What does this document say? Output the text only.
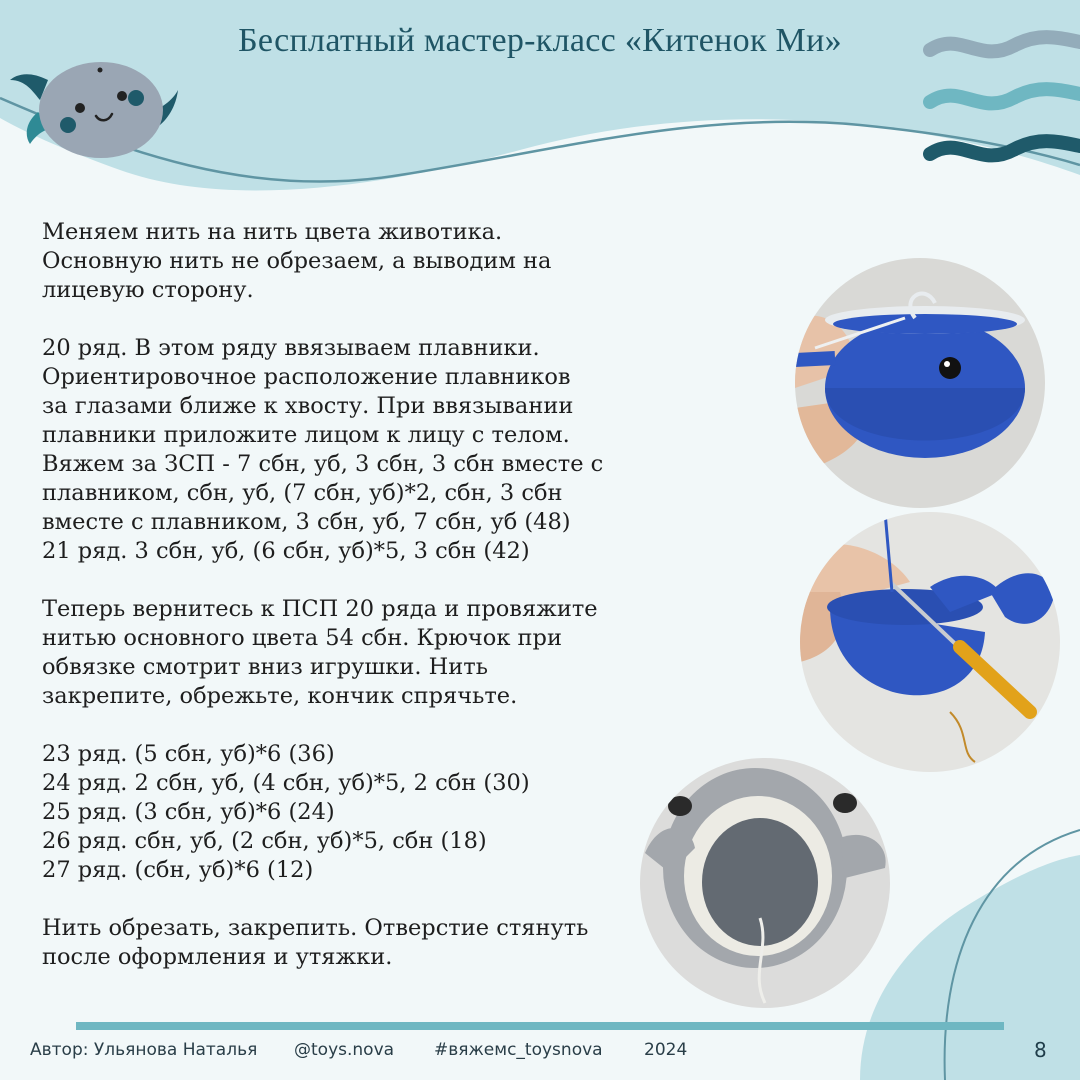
Бесплатный мастер-класс «Китенок Ми»

Меняем нить на нить цвета животика.

Основную нить не обрезаем, а выводим на

лицевую сторону.

20 ряд. В этом ряду ввязываем плавники.

Ориентировочное расположение плавников

за глазами ближе к хвосту. При ввязывании

плавники приложите лицом к лицу с телом.

Вяжем за ЗСП - 7 сбн, уб, 3 сбн, 3 сбн вместе с

плавником, сбн, уб, (7 сбн, уб)*2, сбн, 3 сбн

вместе с плавником, 3 сбн, уб, 7 сбн, уб (48)

21 ряд. 3 сбн, уб, (6 сбн, уб)*5, 3 сбн (42)

Теперь вернитесь к ПСП 20 ряда и провяжите

нитью основного цвета 54 сбн. Крючок при

обвязке смотрит вниз игрушки. Нить

закрепите, обрежьте, кончик спрячьте.

23 ряд. (5 сбн, уб)*6 (36)

24 ряд. 2 сбн, уб, (4 сбн, уб)*5, 2 сбн (30)

25 ряд. (3 сбн, уб)*6 (24)

26 ряд. сбн, уб, (2 сбн, уб)*5, сбн (18)

27 ряд. (сбн, уб)*6 (12)

Нить обрезать, закрепить. Отверстие стянуть

после оформления и утяжки.

Автор: Ульянова Наталья @toys.nova #вяжемс_toysnova 2024	8
